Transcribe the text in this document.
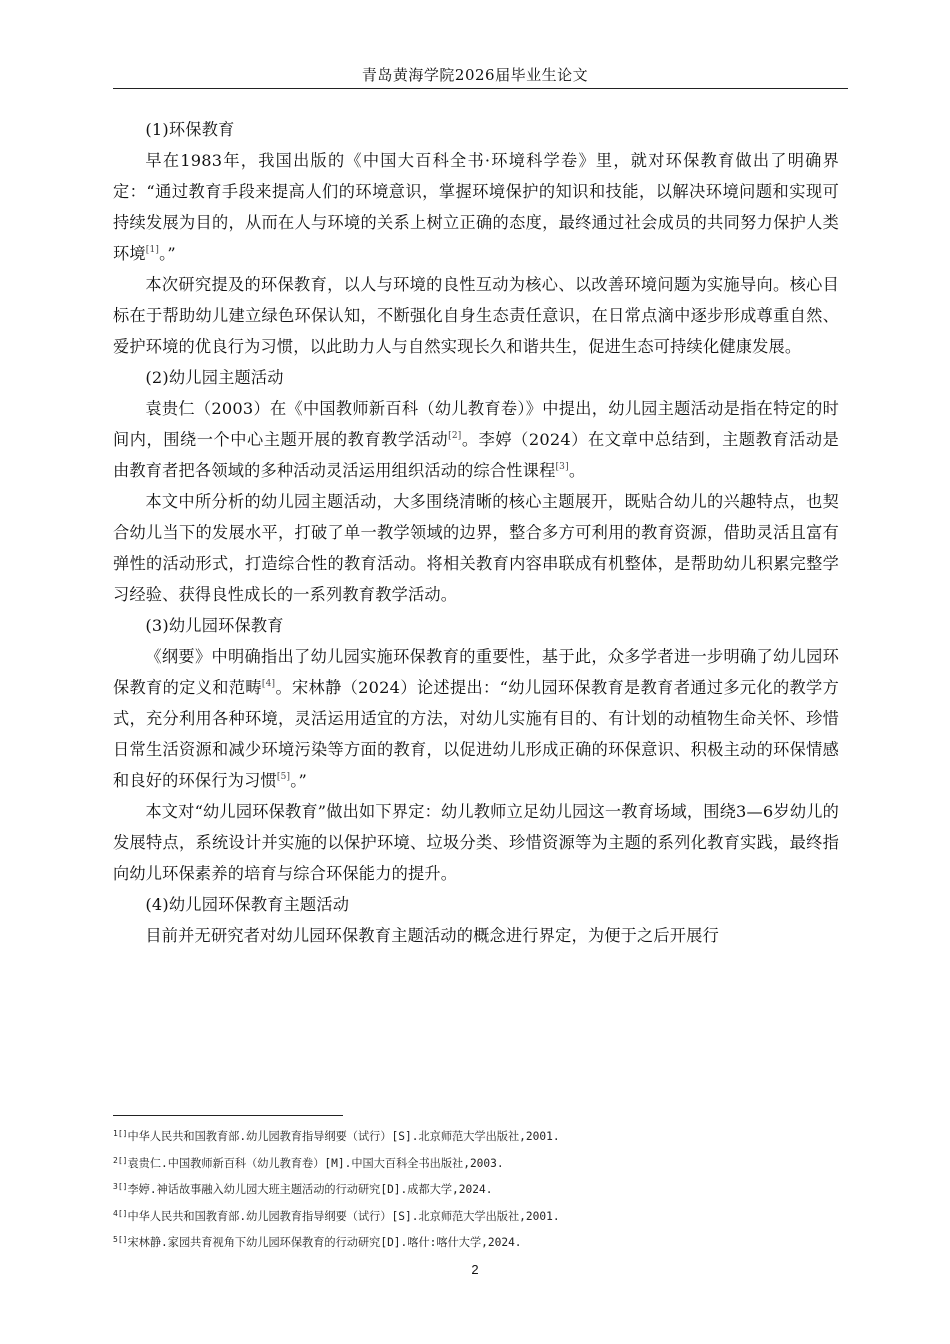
青岛黄海学院2026届毕业生论文

(1)环保教育

早在1983年，我国出版的《中国大百科全书·环境科学卷》里，就对环保教育做出了明确界定：“通过教育手段来提高人们的环境意识，掌握环境保护的知识和技能，以解决环境问题和实现可持续发展为目的，从而在人与环境的关系上树立正确的态度，最终通过社会成员的共同努力保护人类环境[1]。”

本次研究提及的环保教育，以人与环境的良性互动为核心、以改善环境问题为实施导向。核心目标在于帮助幼儿建立绿色环保认知，不断强化自身生态责任意识，在日常点滴中逐步形成尊重自然、爱护环境的优良行为习惯，以此助力人与自然实现长久和谐共生，促进生态可持续化健康发展。

(2)幼儿园主题活动

袁贵仁（2003）在《中国教师新百科（幼儿教育卷）》中提出，幼儿园主题活动是指在特定的时间内，围绕一个中心主题开展的教育教学活动[2]。李婷（2024）在文章中总结到，主题教育活动是由教育者把各领域的多种活动灵活运用组织活动的综合性课程[3]。

本文中所分析的幼儿园主题活动，大多围绕清晰的核心主题展开，既贴合幼儿的兴趣特点，也契合幼儿当下的发展水平，打破了单一教学领域的边界，整合多方可利用的教育资源，借助灵活且富有弹性的活动形式，打造综合性的教育活动。将相关教育内容串联成有机整体，是帮助幼儿积累完整学习经验、获得良性成长的一系列教育教学活动。

(3)幼儿园环保教育

《纲要》中明确指出了幼儿园实施环保教育的重要性，基于此，众多学者进一步明确了幼儿园环保教育的定义和范畴[4]。宋林静（2024）论述提出：“幼儿园环保教育是教育者通过多元化的教学方式，充分利用各种环境，灵活运用适宜的方法，对幼儿实施有目的、有计划的动植物生命关怀、珍惜日常生活资源和减少环境污染等方面的教育，以促进幼儿形成正确的环保意识、积极主动的环保情感和良好的环保行为习惯[5]。”

本文对“幼儿园环保教育”做出如下界定：幼儿教师立足幼儿园这一教育场域，围绕3—6岁幼儿的发展特点，系统设计并实施的以保护环境、垃圾分类、珍惜资源等为主题的系列化教育实践，最终指向幼儿环保素养的培育与综合环保能力的提升。

(4)幼儿园环保教育主题活动

目前并无研究者对幼儿园环保教育主题活动的概念进行界定，为便于之后开展行

$^{1[]}$中华人民共和国教育部.幼儿园教育指导纲要（试行）[S].北京师范大学出版社,2001.
$^{2[]}$袁贵仁.中国教师新百科（幼儿教育卷）[M].中国大百科全书出版社,2003.
$^{3[]}$李婷.神话故事融入幼儿园大班主题活动的行动研究[D].成都大学,2024.
$^{4[]}$中华人民共和国教育部.幼儿园教育指导纲要（试行）[S].北京师范大学出版社,2001.
$^{5[]}$宋林静.家园共育视角下幼儿园环保教育的行动研究[D].喀什:喀什大学,2024.
2
